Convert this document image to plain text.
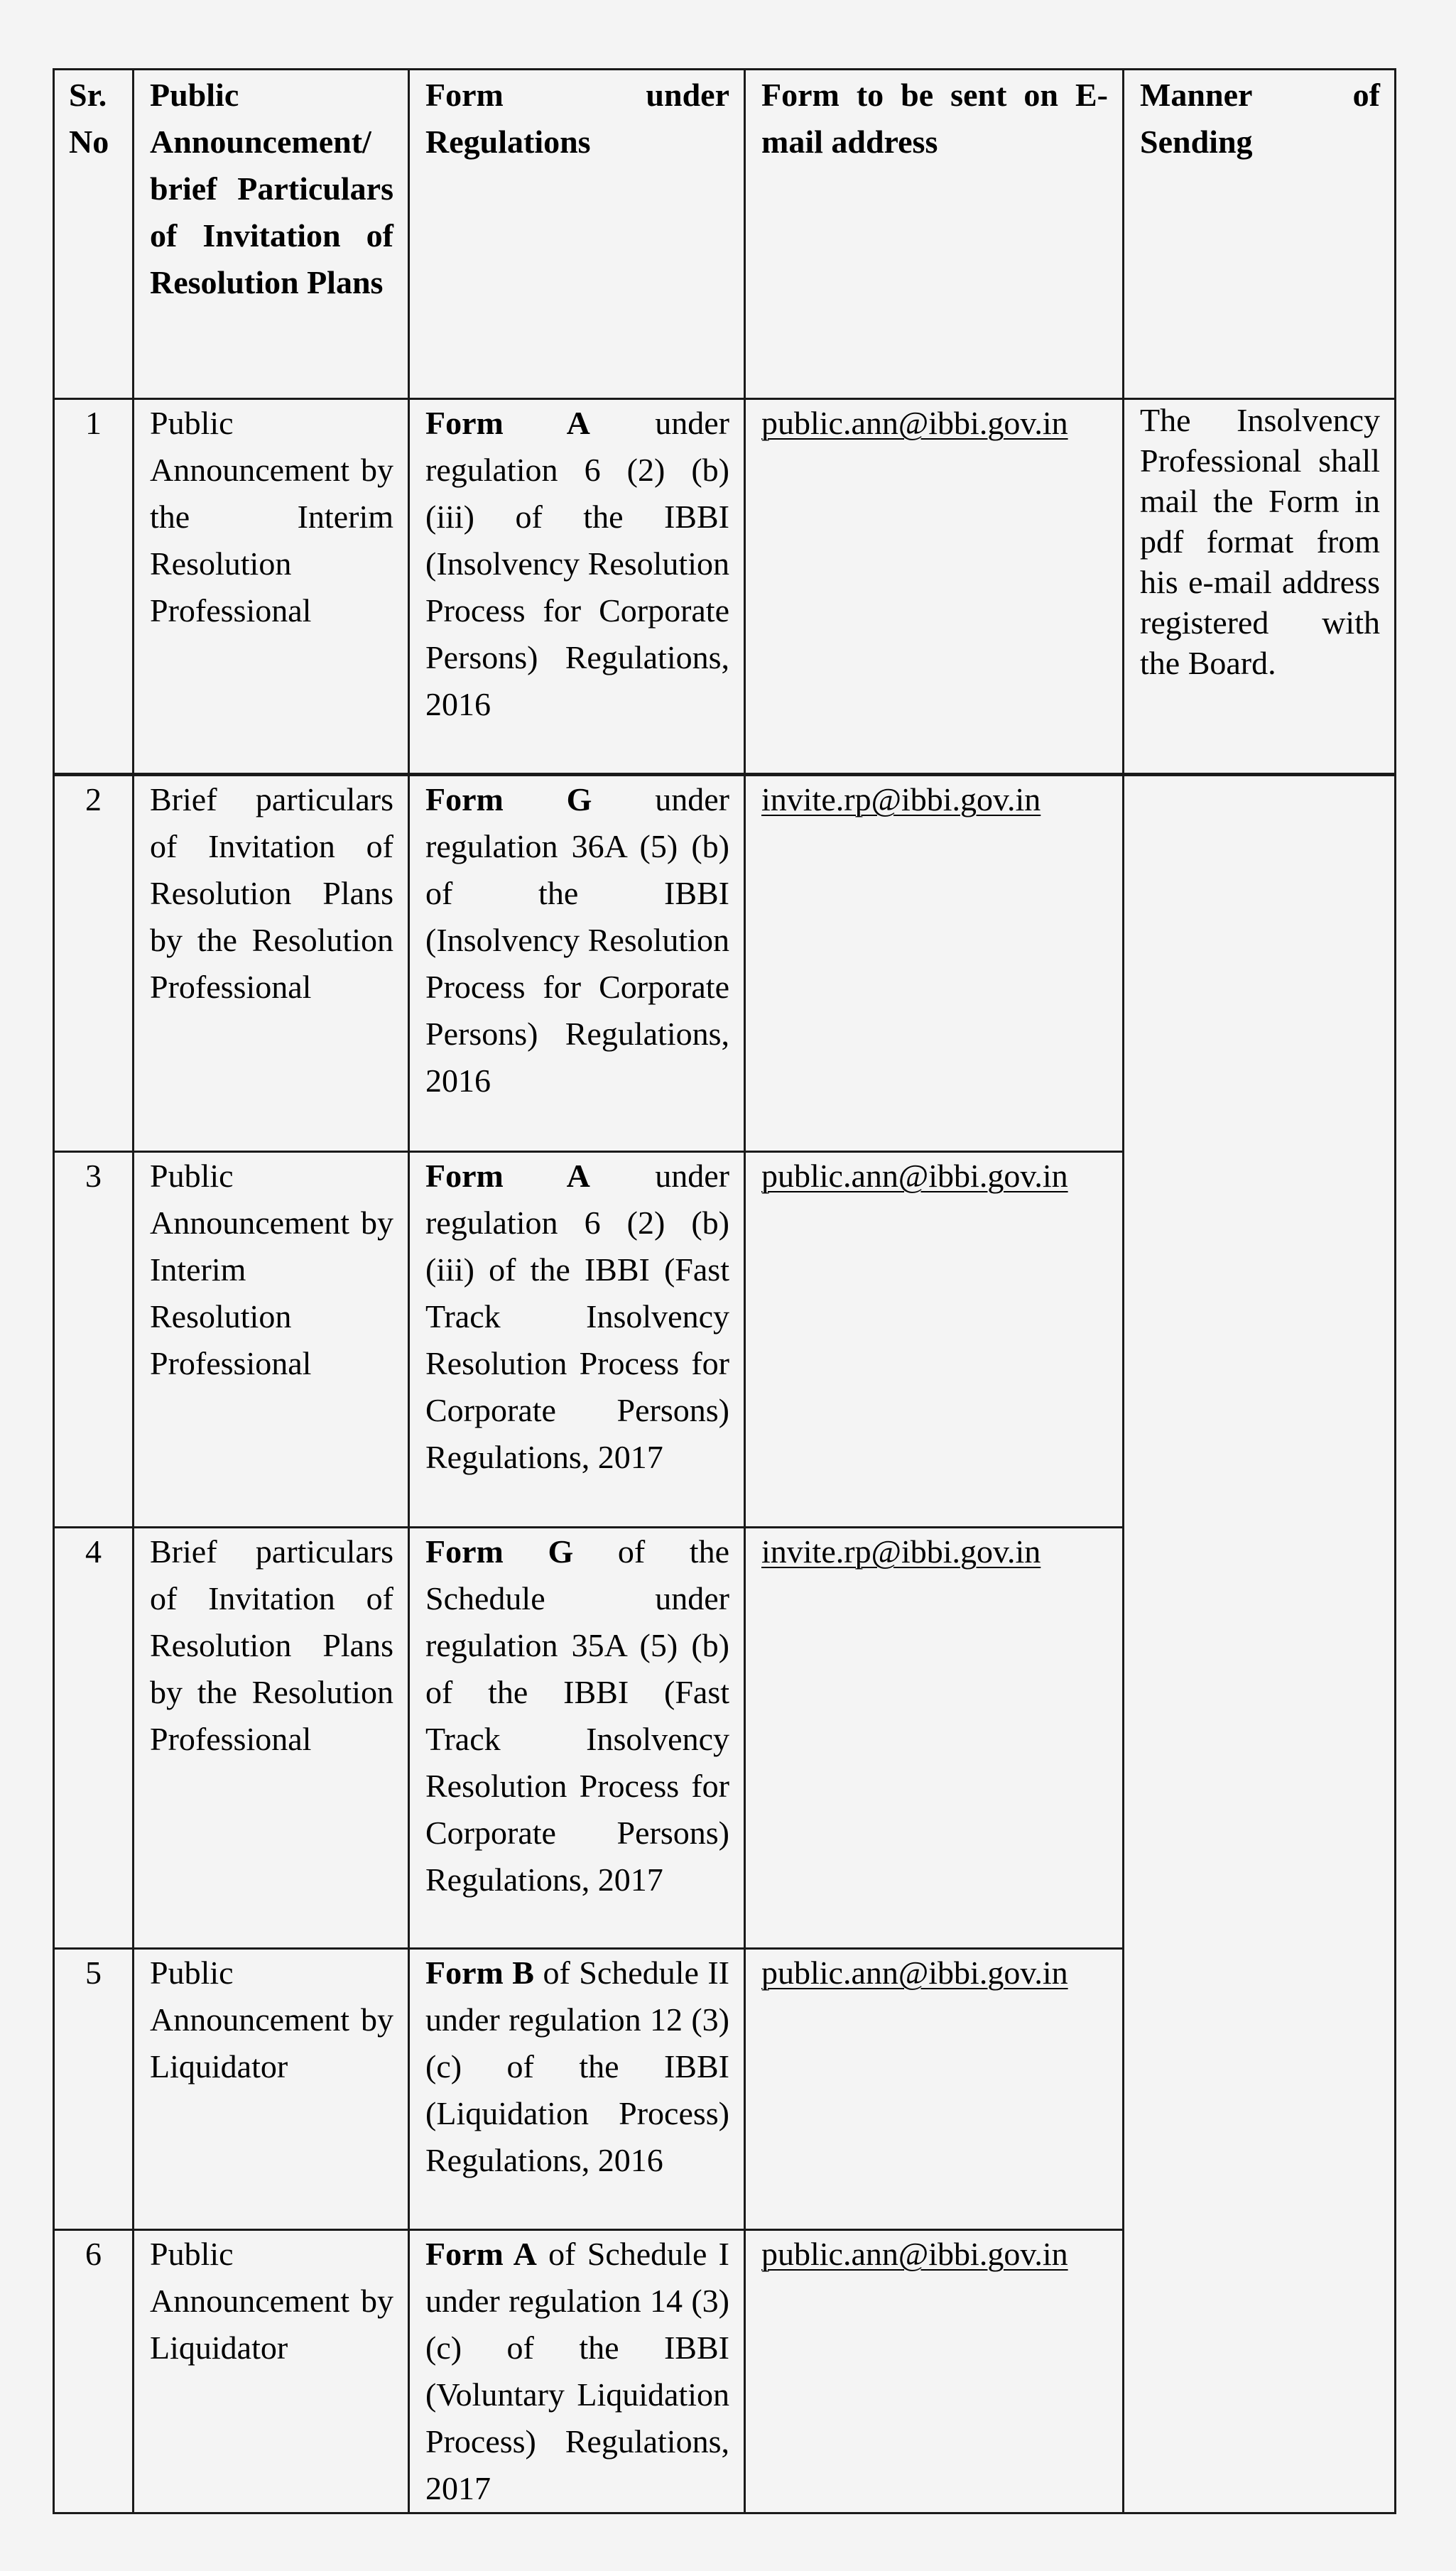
Sr. No	Public Announcement/ brief Particulars of Invitation of Resolution Plans	Form under Regulations	Form to be sent on E-mail address	Manner of Sending
1	Public Announcement by the Interim Resolution Professional	Form A under regulation 6 (2) (b) (iii) of the IBBI (Insolvency Resolution Process for Corporate Persons) Regulations, 2016	public.ann@ibbi.gov.in	The Insolvency Professional shall mail the Form in pdf format from his e-mail address registered with the Board.
2	Brief particulars of Invitation of Resolution Plans by the Resolution Professional	Form G under regulation 36A (5) (b) of the IBBI (Insolvency Resolution Process for Corporate Persons) Regulations, 2016	invite.rp@ibbi.gov.in	
3	Public Announcement by Interim Resolution Professional	Form A under regulation 6 (2) (b) (iii) of the IBBI (Fast Track Insolvency Resolution Process for Corporate Persons) Regulations, 2017	public.ann@ibbi.gov.in	
4	Brief particulars of Invitation of Resolution Plans by the Resolution Professional	Form G of the Schedule under regulation 35A (5) (b) of the IBBI (Fast Track Insolvency Resolution Process for Corporate Persons) Regulations, 2017	invite.rp@ibbi.gov.in	
5	Public Announcement by Liquidator	Form B of Schedule II under regulation 12 (3) (c) of the IBBI (Liquidation Process) Regulations, 2016	public.ann@ibbi.gov.in	
6	Public Announcement by Liquidator	Form A of Schedule I under regulation 14 (3) (c) of the IBBI (Voluntary Liquidation Process) Regulations, 2017	public.ann@ibbi.gov.in	
